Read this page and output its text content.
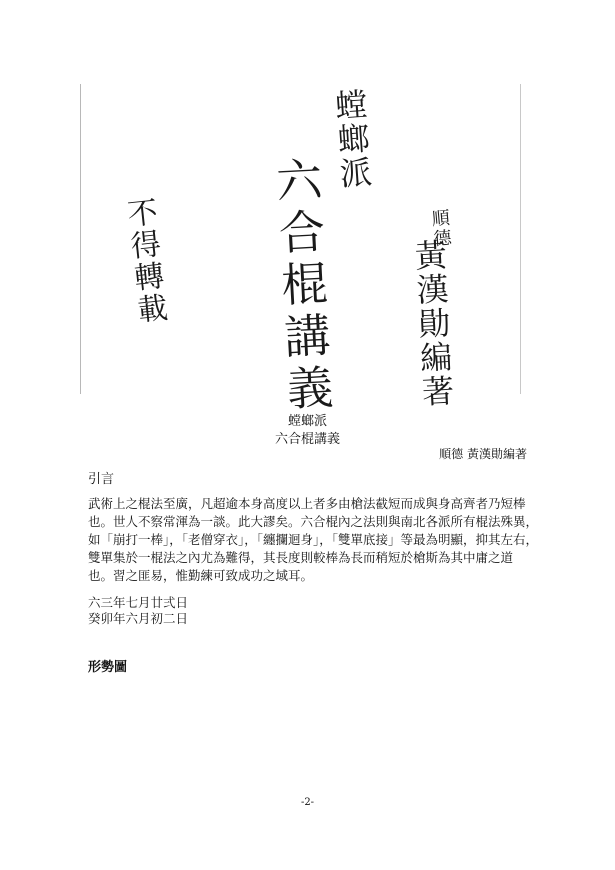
螳螂派
六合棍講義
不得轉載	順德
黃漢勛編著
螳螂派
六合棍講義
順德 黃漢勛編著
引言
武術上之棍法至廣，凡超逾本身高度以上者多由槍法截短而成與身高齊者乃短棒
也。世人不察常渾為一談。此大謬矣。六合棍內之法則與南北各派所有棍法殊異，
如「崩打一棒」，「老僧穿衣」，「纏攔迴身」，「雙單底接」等最為明顯，抑其左右，
雙單集於一棍法之內尤為難得，其長度則較棒為長而稍短於槍斯為其中庸之道
也。習之匪易，惟勤練可致成功之域耳。
六三年七月廿弍日
癸卯年六月初二日
形勢圖
-2-
